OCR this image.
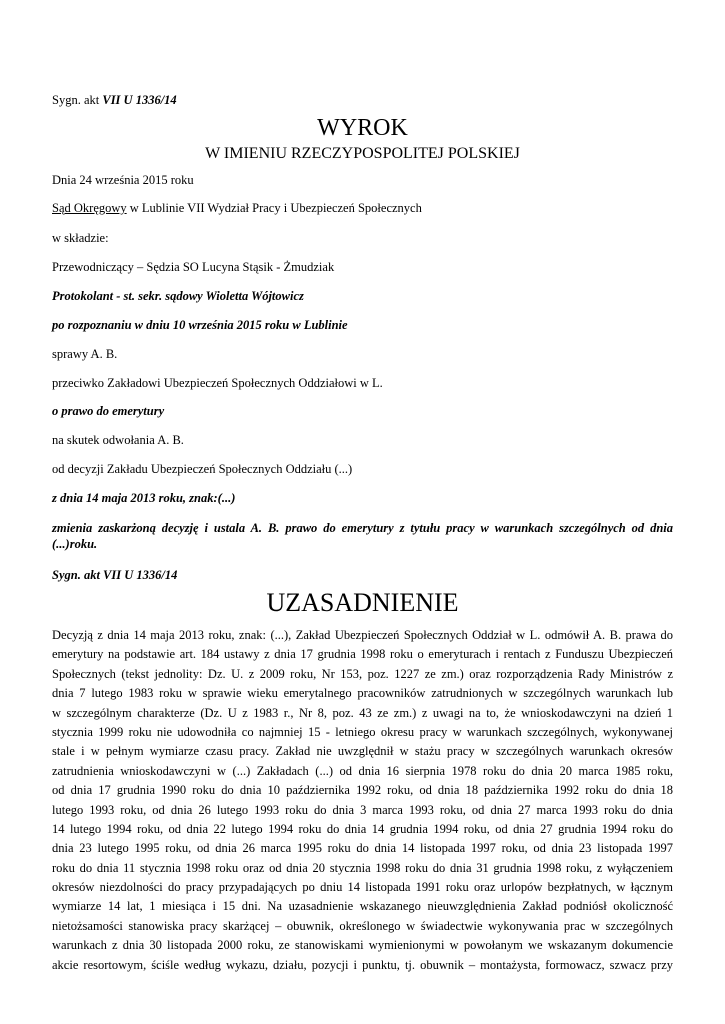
Sygn. akt VII U 1336/14
WYROK
W IMIENIU RZECZYPOSPOLITEJ POLSKIEJ
Dnia 24 września 2015 roku
Sąd Okręgowy w Lublinie VII Wydział Pracy i Ubezpieczeń Społecznych
w składzie:
Przewodniczący – Sędzia SO Lucyna Stąsik - Żmudziak
Protokolant - st. sekr. sądowy Wioletta Wójtowicz
po rozpoznaniu w dniu 10 września 2015 roku w Lublinie
sprawy A. B.
przeciwko Zakładowi Ubezpieczeń Społecznych Oddziałowi w L.
o prawo do emerytury
na skutek odwołania A. B.
od decyzji Zakładu Ubezpieczeń Społecznych Oddziału (...)
z dnia 14 maja 2013 roku, znak:(...)
zmienia zaskarżoną decyzję i ustala A. B. prawo do emerytury z tytułu pracy w warunkach szczególnych od dnia (...)roku.
Sygn. akt VII U 1336/14
UZASADNIENIE
Decyzją z dnia 14 maja 2013 roku, znak: (...), Zakład Ubezpieczeń Społecznych Oddział w L. odmówił A. B. prawa do
emerytury na podstawie art. 184 ustawy z dnia 17 grudnia 1998 roku o emeryturach i rentach z Funduszu Ubezpieczeń
Społecznych (tekst jednolity: Dz. U. z 2009 roku, Nr 153, poz. 1227 ze zm.) oraz rozporządzenia Rady Ministrów z
dnia 7 lutego 1983 roku w sprawie wieku emerytalnego pracowników zatrudnionych w szczególnych warunkach lub
w szczególnym charakterze (Dz. U z 1983 r., Nr 8, poz. 43 ze zm.) z uwagi na to, że wnioskodawczyni na dzień 1
stycznia 1999 roku nie udowodniła co najmniej 15 - letniego okresu pracy w warunkach szczególnych, wykonywanej
stale i w pełnym wymiarze czasu pracy. Zakład nie uwzględnił w stażu pracy w szczególnych warunkach okresów
zatrudnienia wnioskodawczyni w (...) Zakładach (...) od dnia 16 sierpnia 1978 roku do dnia 20 marca 1985 roku,
od dnia 17 grudnia 1990 roku do dnia 10 października 1992 roku, od dnia 18 października 1992 roku do dnia 18
lutego 1993 roku, od dnia 26 lutego 1993 roku do dnia 3 marca 1993 roku, od dnia 27 marca 1993 roku do dnia
14 lutego 1994 roku, od dnia 22 lutego 1994 roku do dnia 14 grudnia 1994 roku, od dnia 27 grudnia 1994 roku do
dnia 23 lutego 1995 roku, od dnia 26 marca 1995 roku do dnia 14 listopada 1997 roku, od dnia 23 listopada 1997
roku do dnia 11 stycznia 1998 roku oraz od dnia 20 stycznia 1998 roku do dnia 31 grudnia 1998 roku, z wyłączeniem
okresów niezdolności do pracy przypadających po dniu 14 listopada 1991 roku oraz urlopów bezpłatnych, w łącznym
wymiarze 14 lat, 1 miesiąca i 15 dni. Na uzasadnienie wskazanego nieuwzględnienia Zakład podniósł okoliczność
nietożsamości stanowiska pracy skarżącej – obuwnik, określonego w świadectwie wykonywania prac w szczególnych
warunkach z dnia 30 listopada 2000 roku, ze stanowiskami wymienionymi w powołanym we wskazanym dokumencie
akcie resortowym, ściśle według wykazu, działu, pozycji i punktu, tj. obuwnik – montażysta, formowacz, szwacz przy
